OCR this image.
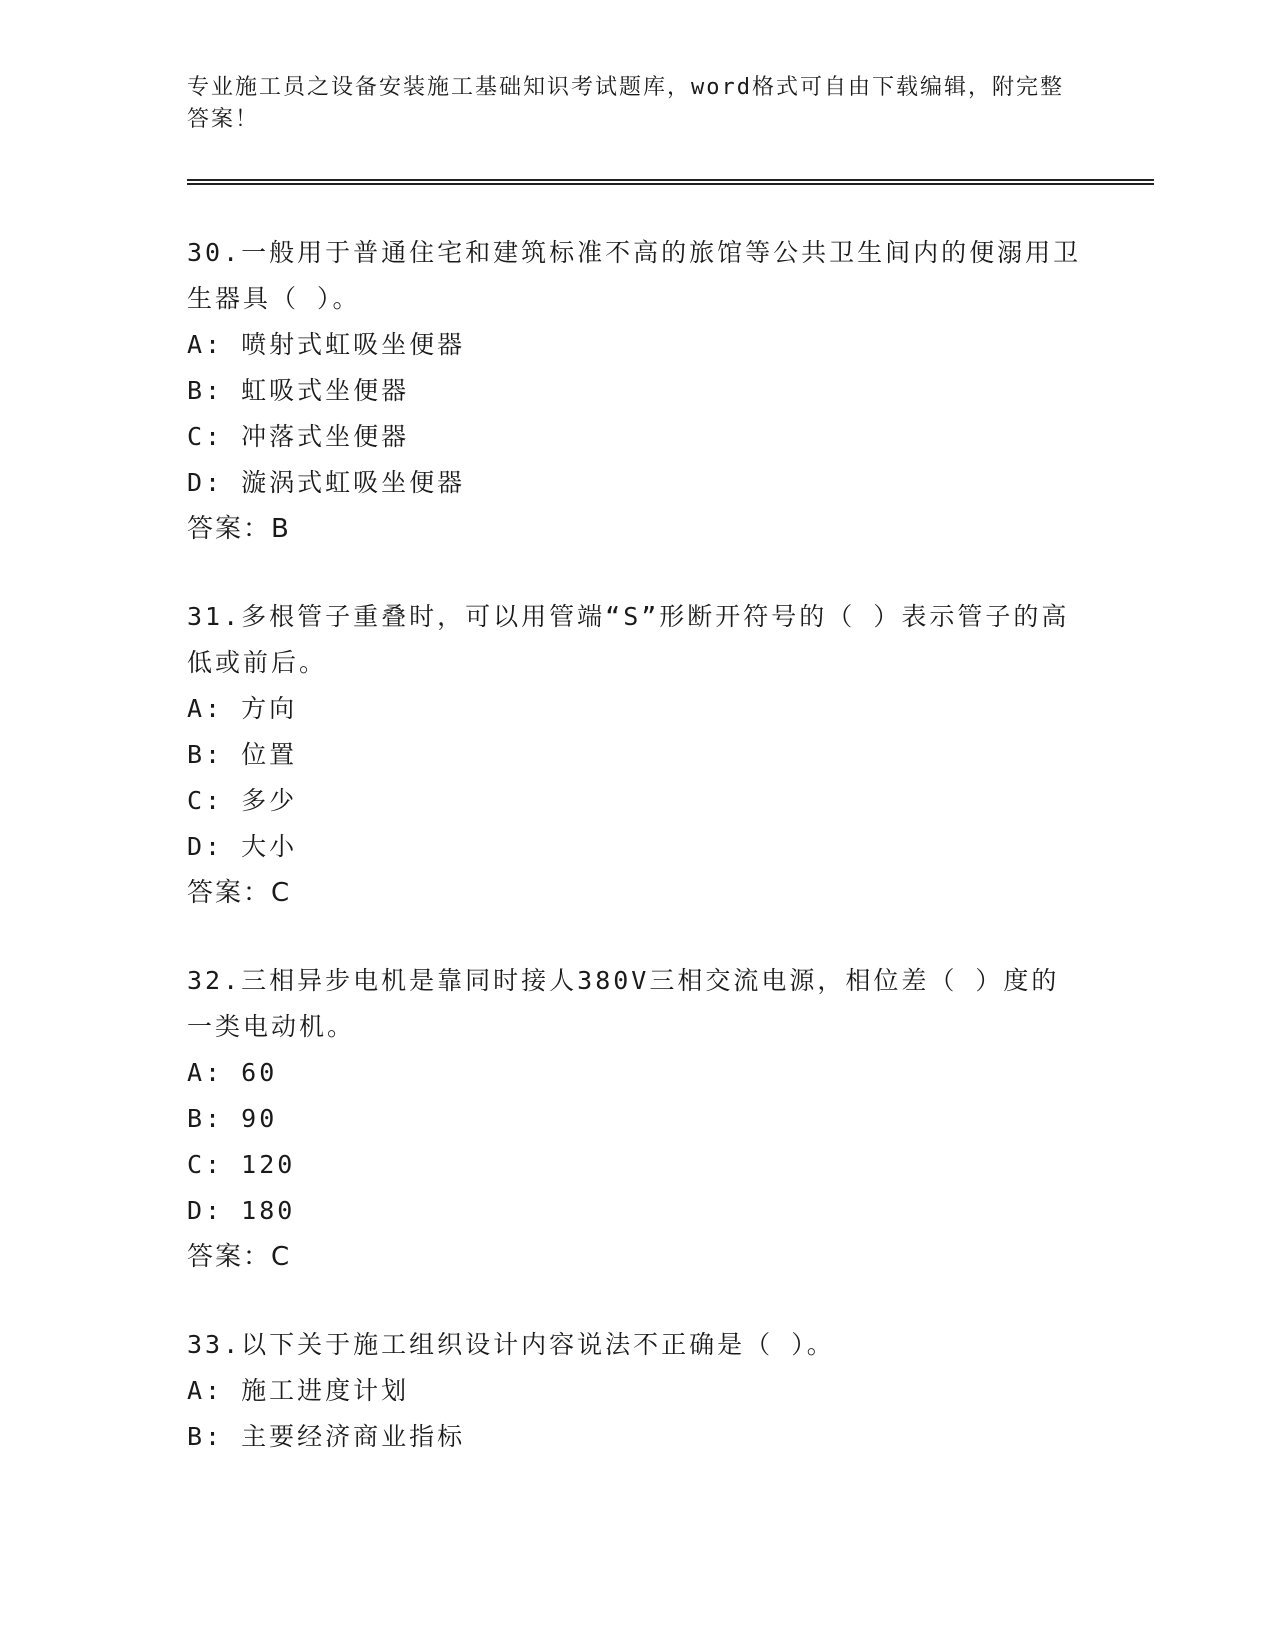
专业施工员之设备安装施工基础知识考试题库，word格式可自由下载编辑，附完整答案！

30.一般用于普通住宅和建筑标准不高的旅馆等公共卫生间内的便溺用卫生器具（ ）。

A: 喷射式虹吸坐便器

B: 虹吸式坐便器

C: 冲落式坐便器

D: 漩涡式虹吸坐便器

答案：B

31.多根管子重叠时，可以用管端“S”形断开符号的（ ）表示管子的高低或前后。

A: 方向

B: 位置

C: 多少

D: 大小

答案：C

32.三相异步电机是靠同时接人380V三相交流电源，相位差（ ）度的一类电动机。

A: 60

B: 90

C: 120

D: 180

答案：C

33.以下关于施工组织设计内容说法不正确是（ ）。

A: 施工进度计划

B: 主要经济商业指标
